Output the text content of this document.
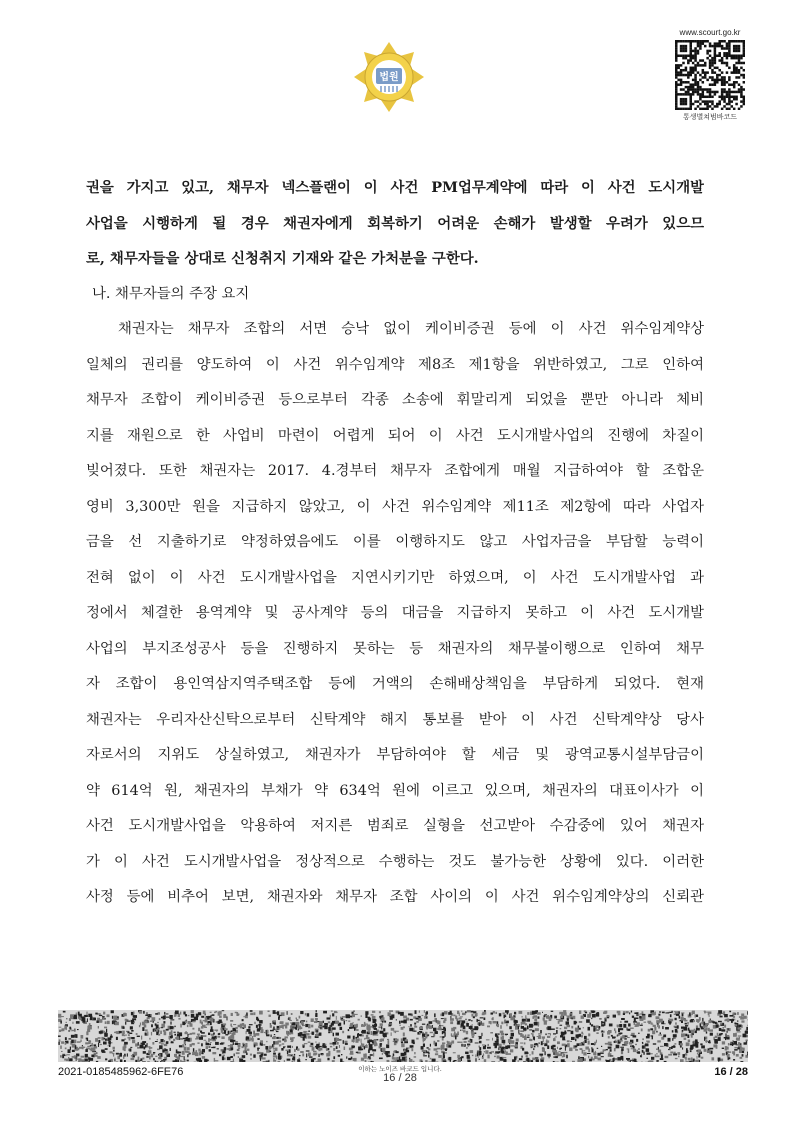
법원
www.scourt.go.kr
통생별쳐범바코드
권을 가지고 있고, 채무자 넥스플랜이 이 사건 PM업무계약에 따라 이 사건 도시개발
사업을 시행하게 될 경우 채권자에게 회복하기 어려운 손해가 발생할 우려가 있으므
로, 채무자들을 상대로 신청취지 기재와 같은 가처분을 구한다.
나. 채무자들의 주장 요지
채권자는 채무자 조합의 서면 승낙 없이 케이비증권 등에 이 사건 위수임계약상
일체의 권리를 양도하여 이 사건 위수임계약 제8조 제1항을 위반하였고, 그로 인하여
채무자 조합이 케이비증권 등으로부터 각종 소송에 휘말리게 되었을 뿐만 아니라 체비
지를 재원으로 한 사업비 마련이 어렵게 되어 이 사건 도시개발사업의 진행에 차질이
빚어졌다. 또한 채권자는 2017. 4.경부터 채무자 조합에게 매월 지급하여야 할 조합운
영비 3,300만 원을 지급하지 않았고, 이 사건 위수임계약 제11조 제2항에 따라 사업자
금을 선 지출하기로 약정하였음에도 이를 이행하지도 않고 사업자금을 부담할 능력이
전혀 없이 이 사건 도시개발사업을 지연시키기만 하였으며, 이 사건 도시개발사업 과
정에서 체결한 용역계약 및 공사계약 등의 대금을 지급하지 못하고 이 사건 도시개발
사업의 부지조성공사 등을 진행하지 못하는 등 채권자의 채무불이행으로 인하여 채무
자 조합이 용인역삼지역주택조합 등에 거액의 손해배상책임을 부담하게 되었다. 현재
채권자는 우리자산신탁으로부터 신탁계약 해지 통보를 받아 이 사건 신탁계약상 당사
자로서의 지위도 상실하였고, 채권자가 부담하여야 할 세금 및 광역교통시설부담금이
약 614억 원, 채권자의 부채가 약 634억 원에 이르고 있으며, 채권자의 대표이사가 이
사건 도시개발사업을 악용하여 저지른 범죄로 실형을 선고받아 수감중에 있어 채권자
가 이 사건 도시개발사업을 정상적으로 수행하는 것도 불가능한 상황에 있다. 이러한
사정 등에 비추어 보면, 채권자와 채무자 조합 사이의 이 사건 위수임계약상의 신뢰관
2021-0185485962-6FE76	이하는 노이즈 바코드 입니다.
16 / 28	16 / 28
